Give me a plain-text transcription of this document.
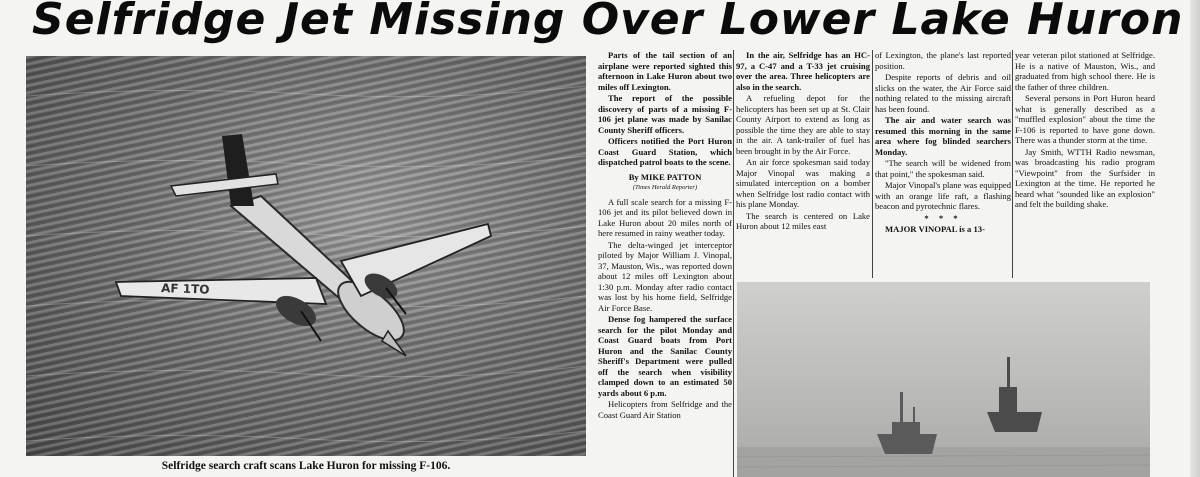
Selfridge Jet Missing Over Lower Lake Huron
AF 1TO
Selfridge search craft scans Lake Huron for missing F-106.

Parts of the tail section of an airplane were reported sighted this afternoon in Lake Huron about two miles off Lexington.

The report of the possible discovery of parts of a missing F-106 jet plane was made by Sanilac County Sheriff officers.

Officers notified the Port Huron Coast Guard Station, which dispatched patrol boats to the scene.

By MIKE PATTON

(Times Herald Reporter)

A full scale search for a missing F-106 jet and its pilot believed down in Lake Huron about 20 miles north of here resumed in rainy weather today.

The delta-winged jet interceptor piloted by Major William J. Vinopal, 37, Mauston, Wis., was reported down about 12 miles off Lexington about 1:30 p.m. Monday after radio contact was lost by his home field, Selfridge Air Force Base.

Dense fog hampered the surface search for the pilot Monday and Coast Guard boats from Port Huron and the Sanilac County Sheriff's Department were pulled off the search when visibility clamped down to an estimated 50 yards about 6 p.m.

Helicopters from Selfridge and the Coast Guard Air Station

In the air, Selfridge has an HC-97, a C-47 and a T-33 jet cruising over the area. Three helicopters are also in the search.

A refueling depot for the helicopters has been set up at St. Clair County Airport to extend as long as possible the time they are able to stay in the air. A tank-trailer of fuel has been brought in by the Air Force.

An air force spokesman said today Major Vinopal was making a simulated interception on a bomber when Selfridge lost radio contact with his plane Monday.

The search is centered on Lake Huron about 12 miles east

of Lexington, the plane's last reported position.

Despite reports of debris and oil slicks on the water, the Air Force said nothing related to the missing aircraft has been found.

The air and water search was resumed this morning in the same area where fog blinded searchers Monday.

"The search will be widened from that point," the spokesman said.

Major Vinopal's plane was equipped with an orange life raft, a flashing beacon and pyrotechnic flares.

* * *

MAJOR VINOPAL is a 13-

year veteran pilot stationed at Selfridge. He is a native of Mauston, Wis., and graduated from high school there. He is the father of three children.

Several persons in Port Huron heard what is generally described as a "muffled explosion" about the time the F-106 is reported to have gone down. There was a thunder storm at the time.

Jay Smith, WTTH Radio newsman, was broadcasting his radio program "Viewpoint" from the Surfsider in Lexington at the time. He reported he heard what "sounded like an explosion" and felt the building shake.
